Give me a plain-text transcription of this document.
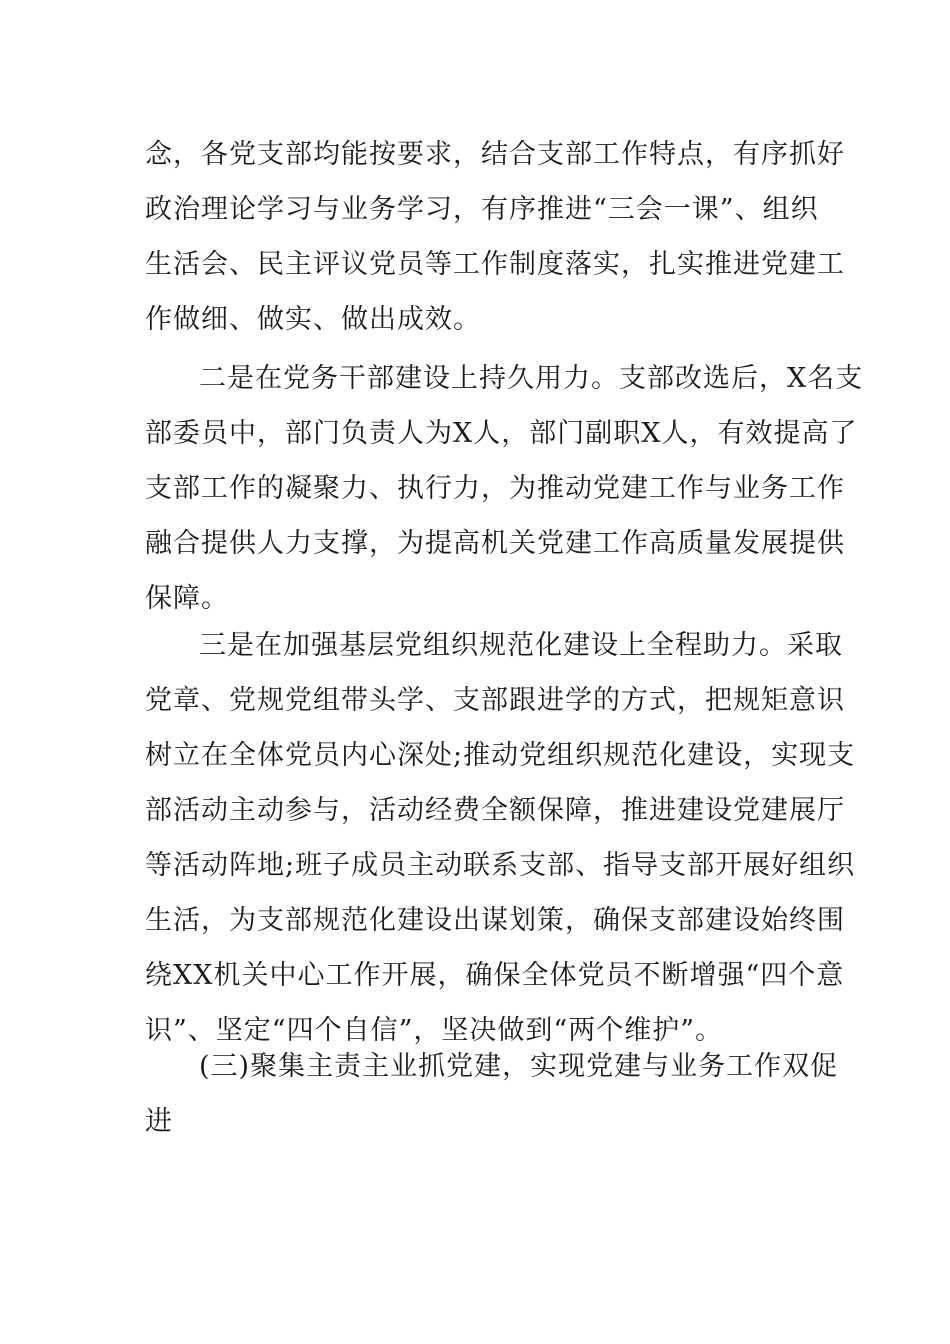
念，各党支部均能按要求，结合支部工作特点，有序抓好
政治理论学习与业务学习，有序推进“三会一课”、组织
生活会、民主评议党员等工作制度落实，扎实推进党建工
作做细、做实、做出成效。
二是在党务干部建设上持久用力。支部改选后，X名支
部委员中，部门负责人为X人，部门副职X人，有效提高了
支部工作的凝聚力、执行力，为推动党建工作与业务工作
融合提供人力支撑，为提高机关党建工作高质量发展提供
保障。
三是在加强基层党组织规范化建设上全程助力。采取
党章、党规党组带头学、支部跟进学的方式，把规矩意识
树立在全体党员内心深处;推动党组织规范化建设，实现支
部活动主动参与，活动经费全额保障，推进建设党建展厅
等活动阵地;班子成员主动联系支部、指导支部开展好组织
生活，为支部规范化建设出谋划策，确保支部建设始终围
绕XX机关中心工作开展，确保全体党员不断增强“四个意
识”、坚定“四个自信”，坚决做到“两个维护”。
(三)聚集主责主业抓党建，实现党建与业务工作双促
进
